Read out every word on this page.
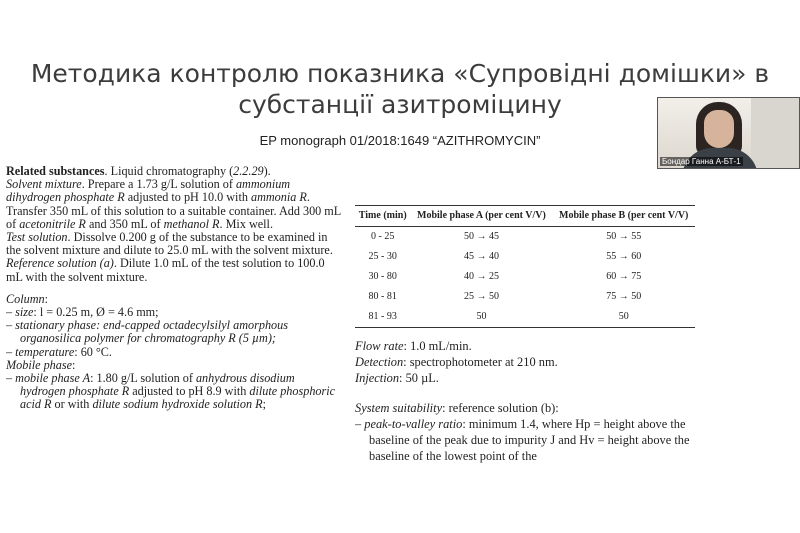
Методика контролю показника «Супровідні домішки» в
субстанції азитроміцину
EP monograph 01/2018:1649 “AZITHROMYCIN”
Бондар Ганна А-БТ-1

Related substances. Liquid chromatography (2.2.29).

Solvent mixture. Prepare a 1.73 g/L solution of ammonium dihydrogen phosphate R adjusted to pH 10.0 with ammonia R. Transfer 350 mL of this solution to a suitable container. Add 300 mL of acetonitrile R and 350 mL of methanol R. Mix well.

Test solution. Dissolve 0.200 g of the substance to be examined in the solvent mixture and dilute to 25.0 mL with the solvent mixture.

Reference solution (a). Dilute 1.0 mL of the test solution to 100.0 mL with the solvent mixture.

Column:

– size: l = 0.25 m, Ø = 4.6 mm;

– stationary phase: end-capped octadecylsilyl amorphous organosilica polymer for chromatography R (5 µm);

– temperature: 60 °C.

Mobile phase:

– mobile phase A: 1.80 g/L solution of anhydrous disodium hydrogen phosphate R adjusted to pH 8.9 with dilute phosphoric acid R or with dilute sodium hydroxide solution R;

Time (min)	Mobile phase A (per cent V/V)	Mobile phase B (per cent V/V)
0 - 25	50 → 45	50 → 55
25 - 30	45 → 40	55 → 60
30 - 80	40 → 25	60 → 75
80 - 81	25 → 50	75 → 50
81 - 93	50	50

Flow rate: 1.0 mL/min.

Detection: spectrophotometer at 210 nm.

Injection: 50 µL.

System suitability: reference solution (b):

– peak-to-valley ratio: minimum 1.4, where Hp = height above the baseline of the peak due to impurity J and Hv = height above the baseline of the lowest point of the
